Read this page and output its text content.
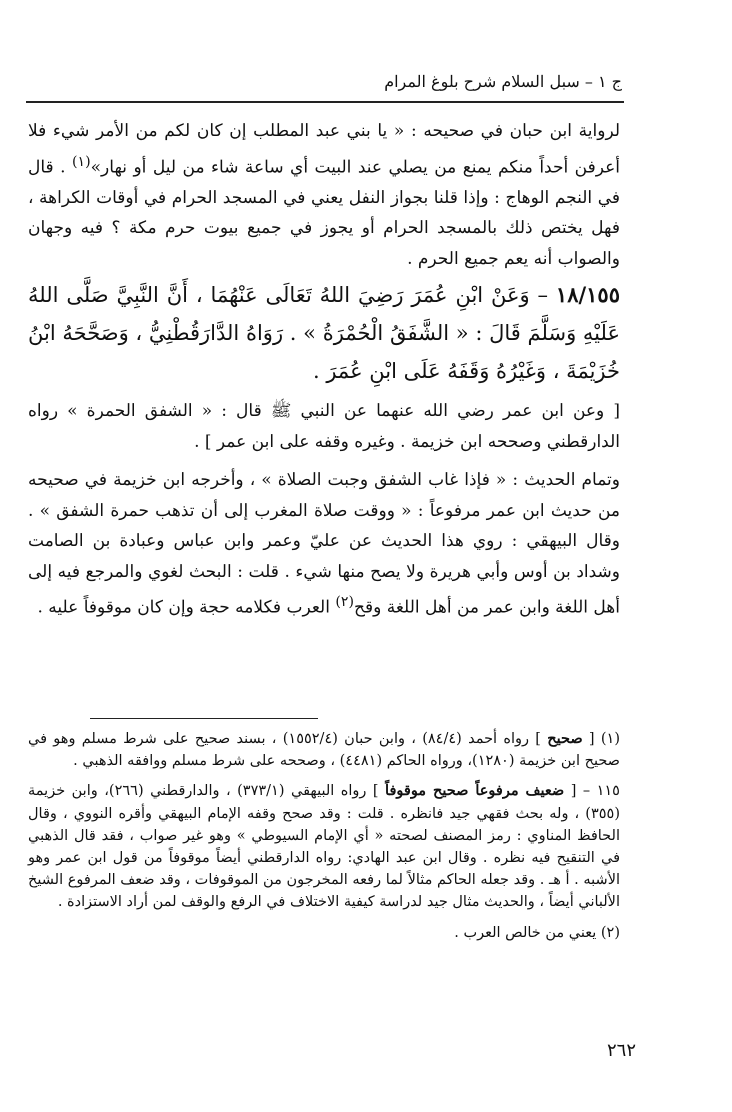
ج ١ – سبل السلام شرح بلوغ المرام

لرواية ابن حبان في صحيحه : « يا بني عبد المطلب إن كان لكم من الأمر شيء فلا أعرفن أحداً منكم يمنع من يصلي عند البيت أي ساعة شاء من ليل أو نهار»$^{(١)}$ . قال في النجم الوهاج : وإذا قلنا بجواز النفل يعني في المسجد الحرام في أوقات الكراهة ، فهل يختص ذلك بالمسجد الحرام أو يجوز في جميع بيوت حرم مكة ؟ فيه وجهان والصواب أنه يعم جميع الحرم .

١٨/١٥٥ – وَعَنْ ابْنِ عُمَرَ رَضِيَ اللهُ تَعَالَى عَنْهُمَا ، أَنَّ النَّبِيَّ صَلَّى اللهُ عَلَيْهِ وَسَلَّمَ قَالَ : « الشَّفَقُ الْحُمْرَةُ » . رَوَاهُ الدَّارَقُطْنِيُّ ، وَصَحَّحَهُ ابْنُ خُزَيْمَةَ ، وَغَيْرُهُ وَقَفَهُ عَلَى ابْنِ عُمَرَ .

[ وعن ابن عمر رضي الله عنهما عن النبي ﷺ قال : « الشفق الحمرة » رواه الدارقطني وصححه ابن خزيمة . وغيره وقفه على ابن عمر ] .

وتمام الحديث : « فإذا غاب الشفق وجبت الصلاة » ، وأخرجه ابن خزيمة في صحيحه من حديث ابن عمر مرفوعاً : « ووقت صلاة المغرب إلى أن تذهب حمرة الشفق » . وقال البيهقي : روي هذا الحديث عن عليّ وعمر وابن عباس وعبادة بن الصامت وشداد بن أوس وأبي هريرة ولا يصح منها شيء . قلت : البحث لغوي والمرجع فيه إلى أهل اللغة وابن عمر من أهل اللغة وقح$^{(٢)}$ العرب فكلامه حجة وإن كان موقوفاً عليه .

(١) [ صحيح ] رواه أحمد (٨٤/٤) ، وابن حبان (١٥٥٢/٤) ، بسند صحيح على شرط مسلم وهو في صحيح ابن خزيمة (١٢٨٠)، ورواه الحاكم (٤٤٨١) ، وصححه على شرط مسلم ووافقه الذهبي .

١١٥ – [ ضعيف مرفوعاً صحيح موقوفاً ] رواه البيهقي (٣٧٣/١) ، والدارقطني (٢٦٦)، وابن خزيمة (٣٥٥) ، وله بحث فقهي جيد فانظره . قلت : وقد صحح وقفه الإمام البيهقي وأقره النووي ، وقال الحافظ المناوي : رمز المصنف لصحته « أي الإمام السيوطي » وهو غير صواب ، فقد قال الذهبي في التنقيح فيه نظره . وقال ابن عبد الهادي: رواه الدارقطني أيضاً موقوفاً من قول ابن عمر وهو الأشبه . أ هـ . وقد جعله الحاكم مثالاً لما رفعه المخرجون من الموقوفات ، وقد ضعف المرفوع الشيخ الألباني أيضاً ، والحديث مثال جيد لدراسة كيفية الاختلاف في الرفع والوقف لمن أراد الاستزادة .

(٢) يعني من خالص العرب .

٢٦٢
